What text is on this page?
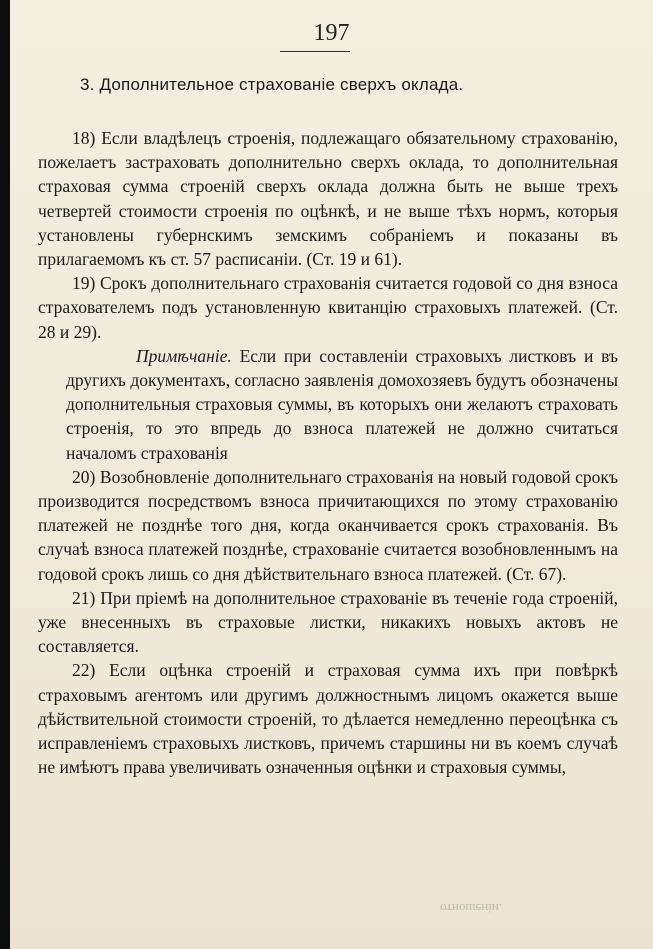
197
3. Дополнительное страхованіе сверхъ оклада.

18) Если владѣлецъ строенія, подлежащаго обязательному страхованію, пожелаетъ застраховать дополнительно сверхъ оклада, то дополнительная страховая сумма строеній сверхъ оклада должна быть не выше трехъ четвертей стоимости строенія по оцѣнкѣ, и не выше тѣхъ нормъ, которыя установлены губернскимъ земскимъ собраніемъ и показаны въ прилагаемомъ къ ст. 57 расписаніи. (Ст. 19 и 61).

19) Срокъ дополнительнаго страхованія считается годовой со дня взноса страхователемъ подъ установленную квитанцію страховыхъ платежей. (Ст. 28 и 29).

Примѣчаніе. Если при составленіи страховыхъ листковъ и въ другихъ документахъ, согласно заявленія домохозяевъ будутъ обозначены дополнительныя страховыя суммы, въ которыхъ они желаютъ страховать строенія, то это впредь до взноса платежей не должно считаться началомъ страхованія

20) Возобновленіе дополнительнаго страхованія на новый годовой срокъ производится посредствомъ взноса причитающихся по этому страхованію платежей не позднѣе того дня, когда оканчивается срокъ страхованія. Въ случаѣ взноса платежей позднѣе, страхованіе считается возобновленнымъ на годовой срокъ лишь со дня дѣйствительнаго взноса платежей. (Ст. 67).

21) При пріемѣ на дополнительное страхованіе въ теченіе года строеній, уже внесенныхъ въ страховые листки, никакихъ новыхъ актовъ не составляется.

22) Если оцѣнка строеній и страховая сумма ихъ при повѣркѣ страховымъ агентомъ или другимъ должностнымъ лицомъ окажется выше дѣйствительной стоимости строеній, то дѣлается немедленно переоцѣнка съ исправленіемъ страховыхъ листковъ, причемъ старшины ни въ коемъ случаѣ не имѣютъ права увеличивать означенныя оцѣнки и страховыя суммы,

отношеніи.
